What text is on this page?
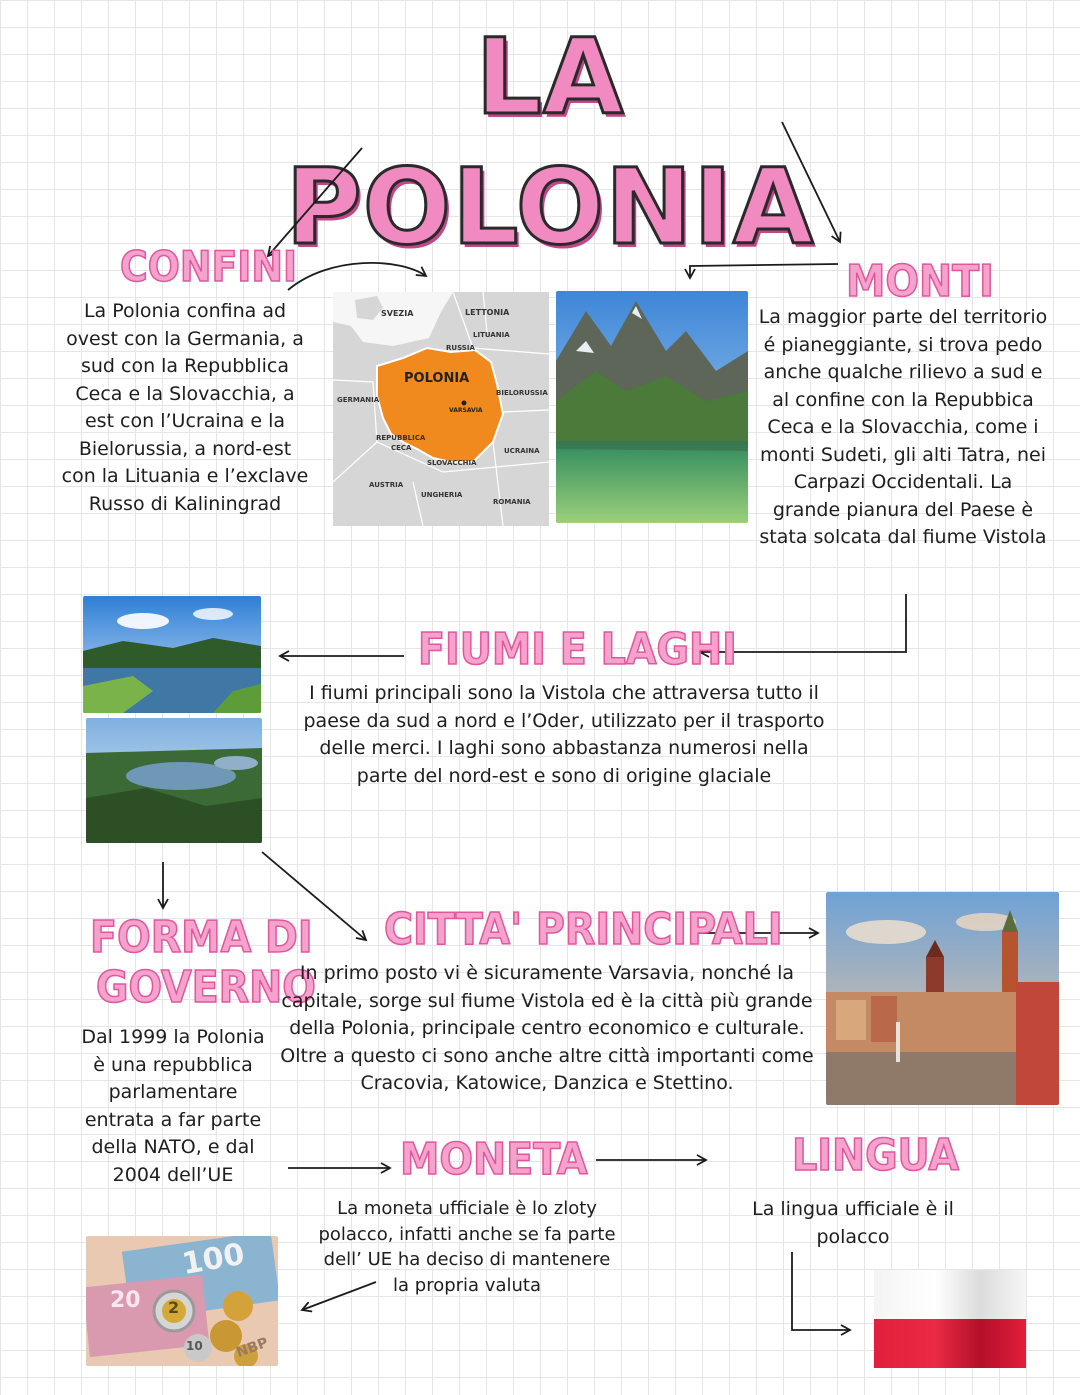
LA POLONIA
CONFINI
La Polonia confina ad ovest con la Germania, a sud con la Repubblica Ceca e la Slovacchia, a est con l’Ucraina e la Bielorussia, a nord-est con la Lituania e l’exclave Russo di Kaliningrad
SVEZIA	LETTONIA
LITUANIA
RUSSIA
POLONIA
VARSAVIA
GERMANIA
BIELORUSSIA
REPUBBLICA
CECA
SLOVACCHIA
UCRAINA
AUSTRIA
UNGHERIA
ROMANIA
MONTI
La maggior parte del territorio é pianeggiante, si trova pedo anche qualche rilievo a sud e al confine con la Repubbica Ceca e la Slovacchia, come i monti Sudeti, gli alti Tatra, nei Carpazi Occidentali. La grande pianura del Paese è stata solcata dal fiume Vistola
FIUMI E LAGHI
I fiumi principali sono la Vistola che attraversa tutto il paese da sud a nord e l’Oder, utilizzato per il trasporto delle merci. I laghi sono abbastanza numerosi nella parte del nord-est e sono di origine glaciale
FORMA DI
GOVERNO
Dal 1999 la Polonia è una repubblica parlamentare entrata a far parte della NATO, e dal 2004 dell’UE
CITTA' PRINCIPALI
In primo posto vi è sicuramente Varsavia, nonché la capitale, sorge sul fiume Vistola ed è la città più grande della Polonia, principale centro economico e culturale. Oltre a questo ci sono anche altre città importanti come Cracovia, Katowice, Danzica e Stettino.
MONETA
La moneta ufficiale è lo zloty polacco, infatti anche se fa parte dell’ UE ha deciso di mantenere la propria valuta
100
20 2
10 NBP
LINGUA
La lingua ufficiale è il polacco
